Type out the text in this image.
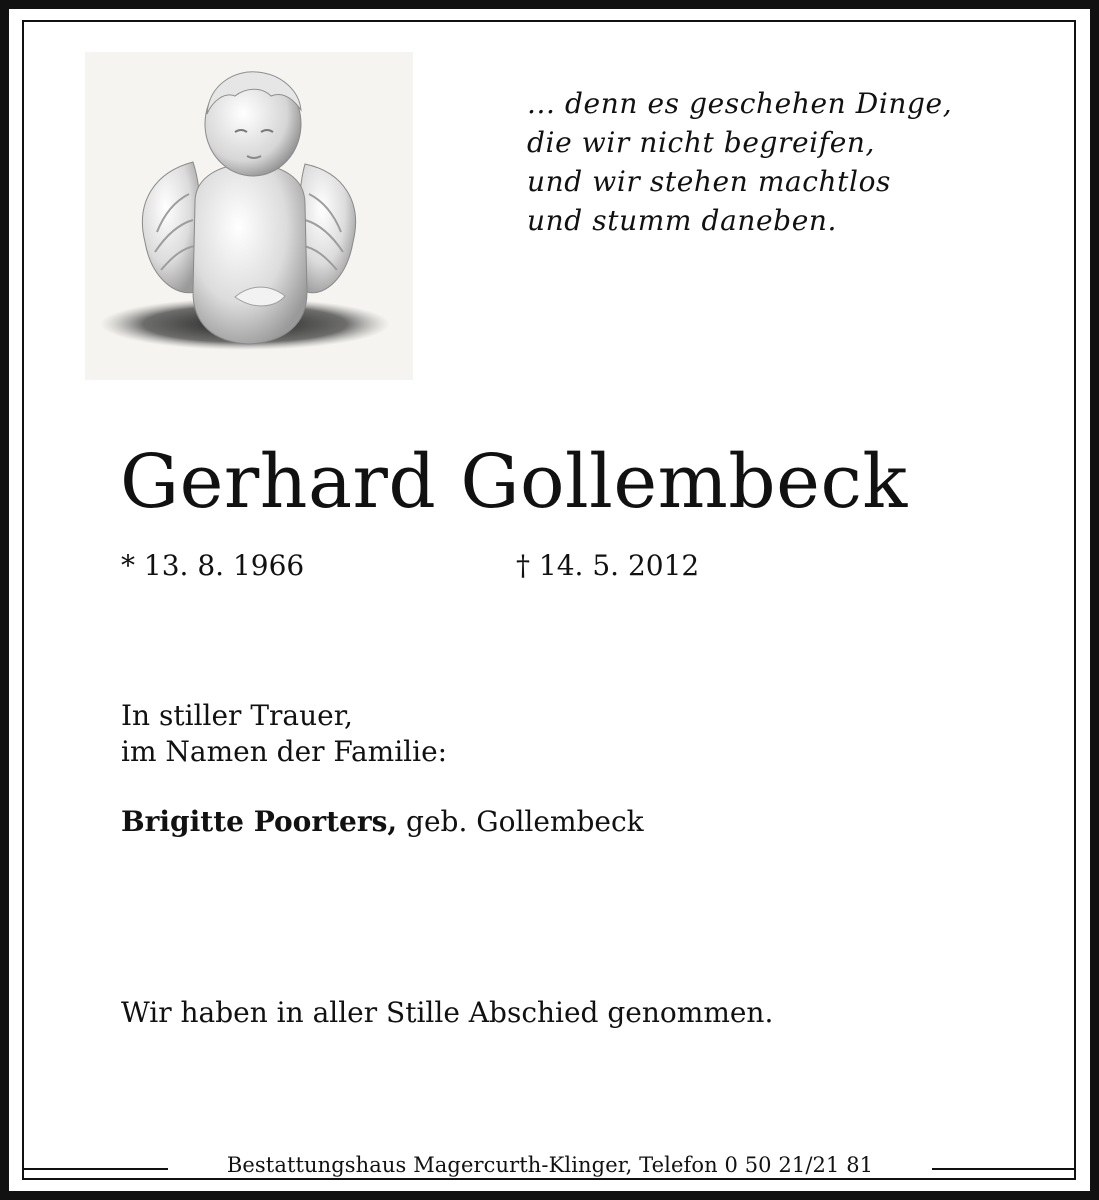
... denn es geschehen Dinge,
die wir nicht begreifen,
und wir stehen machtlos
und stumm daneben.
Gerhard Gollembeck
* 13. 8. 1966	† 14. 5. 2012
In stiller Trauer,
im Namen der Familie:
Brigitte Poorters, geb. Gollembeck
Wir haben in aller Stille Abschied genommen.
Bestattungshaus Magercurth-Klinger, Telefon 0 50 21/21 81
